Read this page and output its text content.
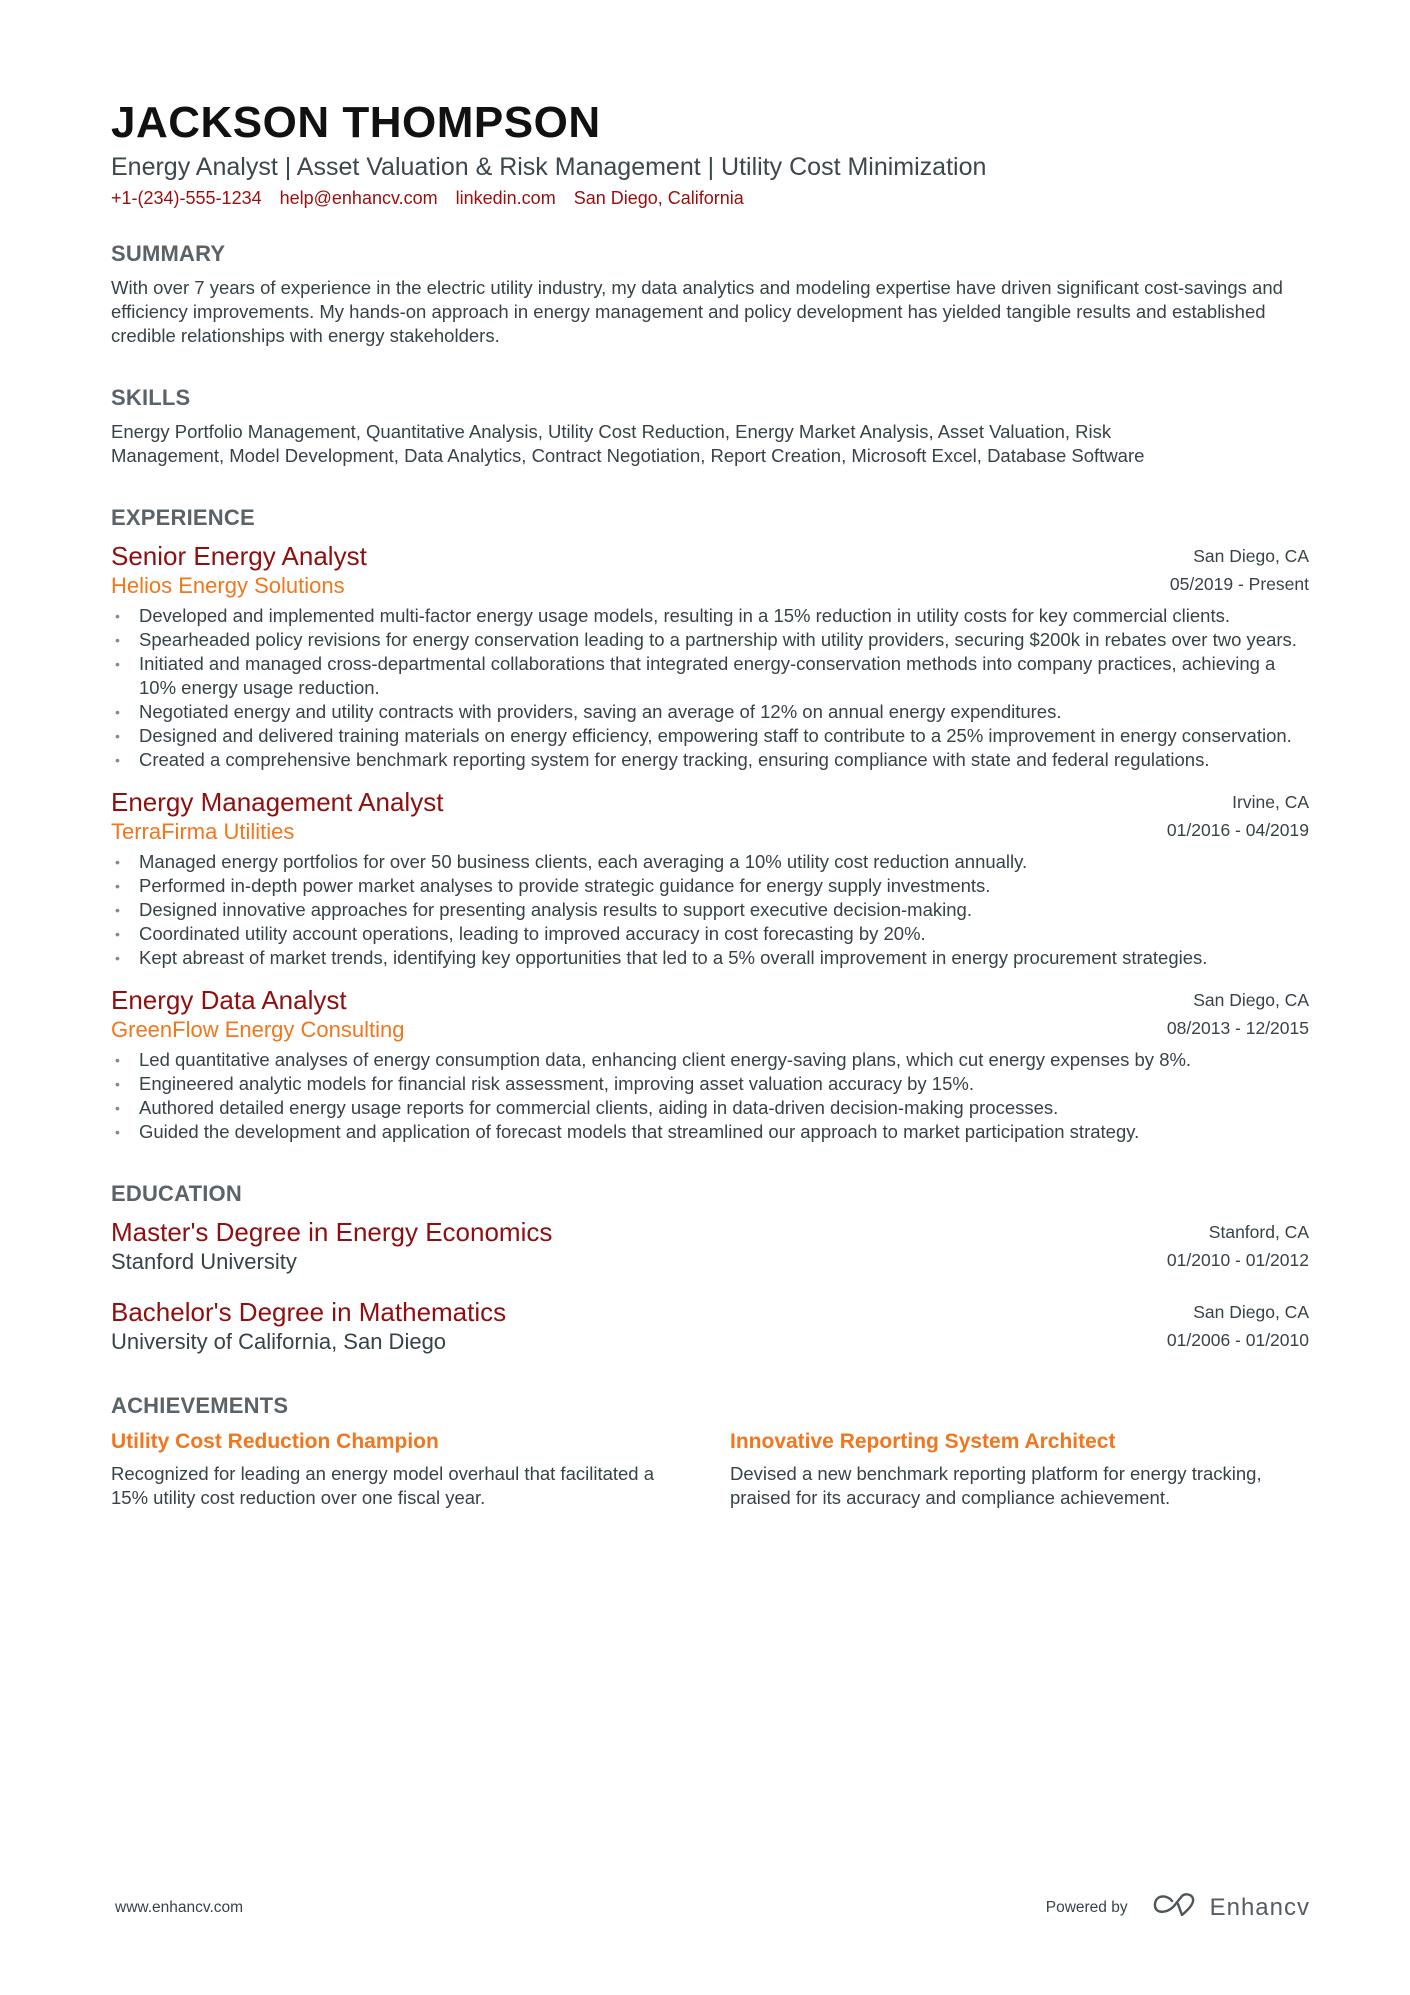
JACKSON THOMPSON
Energy Analyst | Asset Valuation & Risk Management | Utility Cost Minimization
+1-(234)-555-1234 help@enhancv.com linkedin.com San Diego, California
SUMMARY

With over 7 years of experience in the electric utility industry, my data analytics and modeling expertise have driven significant cost-savings and efficiency improvements. My hands-on approach in energy management and policy development has yielded tangible results and established credible relationships with energy stakeholders.

SKILLS

Energy Portfolio Management, Quantitative Analysis, Utility Cost Reduction, Energy Market Analysis, Asset Valuation, Risk Management, Model Development, Data Analytics, Contract Negotiation, Report Creation, Microsoft Excel, Database Software

EXPERIENCE
Senior Energy Analyst
Helios Energy Solutions
San Diego, CA
05/2019 - Present
• Developed and implemented multi-factor energy usage models, resulting in a 15% reduction in utility costs for key commercial clients.
• Spearheaded policy revisions for energy conservation leading to a partnership with utility providers, securing $200k in rebates over two years.
• Initiated and managed cross-departmental collaborations that integrated energy-conservation methods into company practices, achieving a 10% energy usage reduction.
• Negotiated energy and utility contracts with providers, saving an average of 12% on annual energy expenditures.
• Designed and delivered training materials on energy efficiency, empowering staff to contribute to a 25% improvement in energy conservation.
• Created a comprehensive benchmark reporting system for energy tracking, ensuring compliance with state and federal regulations.
Energy Management Analyst
TerraFirma Utilities
Irvine, CA
01/2016 - 04/2019
• Managed energy portfolios for over 50 business clients, each averaging a 10% utility cost reduction annually.
• Performed in-depth power market analyses to provide strategic guidance for energy supply investments.
• Designed innovative approaches for presenting analysis results to support executive decision-making.
• Coordinated utility account operations, leading to improved accuracy in cost forecasting by 20%.
• Kept abreast of market trends, identifying key opportunities that led to a 5% overall improvement in energy procurement strategies.
Energy Data Analyst
GreenFlow Energy Consulting
San Diego, CA
08/2013 - 12/2015
• Led quantitative analyses of energy consumption data, enhancing client energy-saving plans, which cut energy expenses by 8%.
• Engineered analytic models for financial risk assessment, improving asset valuation accuracy by 15%.
• Authored detailed energy usage reports for commercial clients, aiding in data-driven decision-making processes.
• Guided the development and application of forecast models that streamlined our approach to market participation strategy.
EDUCATION
Master's Degree in Energy Economics
Stanford University
Stanford, CA
01/2010 - 01/2012
Bachelor's Degree in Mathematics
University of California, San Diego
San Diego, CA
01/2006 - 01/2010
ACHIEVEMENTS
Utility Cost Reduction Champion
Recognized for leading an energy model overhaul that facilitated a 15% utility cost reduction over one fiscal year.
Innovative Reporting System Architect
Devised a new benchmark reporting platform for energy tracking, praised for its accuracy and compliance achievement.
www.enhancv.com	Powered by	Enhancv
